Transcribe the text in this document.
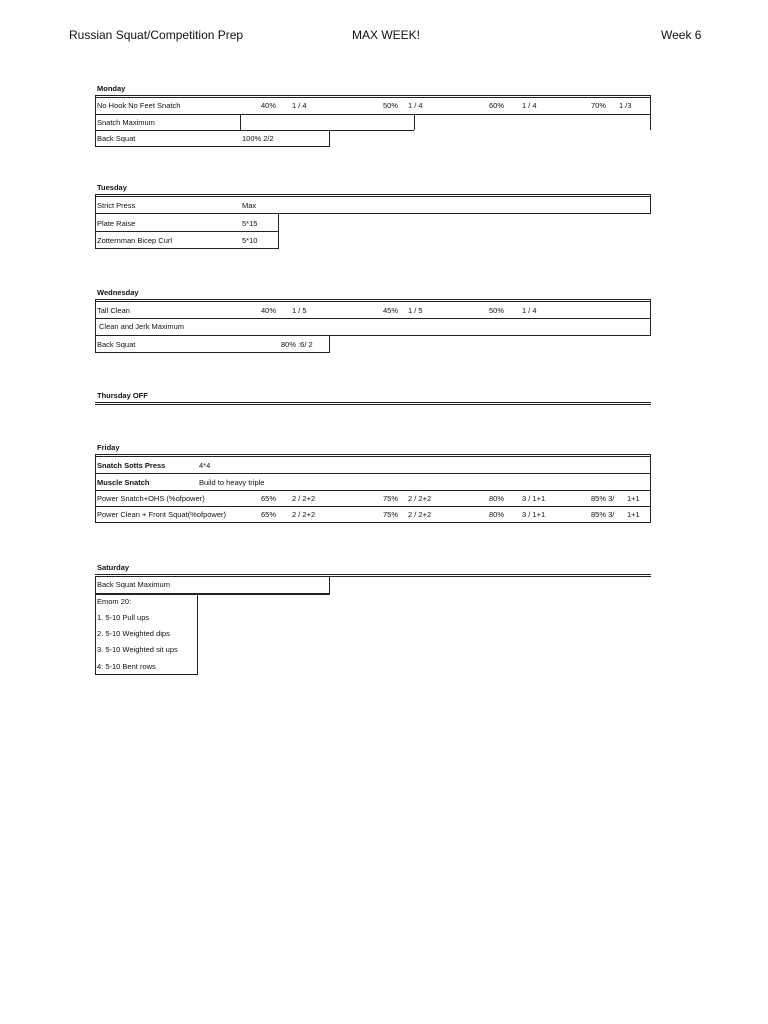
Russian Squat/Competition Prep	MAX WEEK!	Week 6
Monday
No Hook No Feet Snatch	40% 1 / 4	50% 1 / 4	60% 1 / 4	70% 1 /3
Snatch Maximum
Back Squat	100% 2/2
Tuesday
Strict Press	Max
Plate Raise	5*15
Zotternman Bicep Curl	5*10
Wednesday
Tall Clean	40% 1 / 5	45% 1 / 5	50% 1 / 4
Clean and Jerk Maximum
Back Squat	80% :6/ 2
Thursday OFF
Friday
Snatch Sotts Press	4*4
Muscle Snatch	Build to heavy triple
Power Snatch+OHS (%ofpower)	65% 2 / 2+2	75% 2 / 2+2	80% 3 / 1+1	85% 3/ 1+1
Power Clean + Front Squat(%ofpower)	65% 2 / 2+2	75% 2 / 2+2	80% 3 / 1+1	85% 3/ 1+1
Saturday
Back Squat Maximum
Emom 20:
1. 5-10 Pull ups
2. 5-10 Weighted dips
3. 5-10 Weighted sit ups
4: 5-10 Bent rows
